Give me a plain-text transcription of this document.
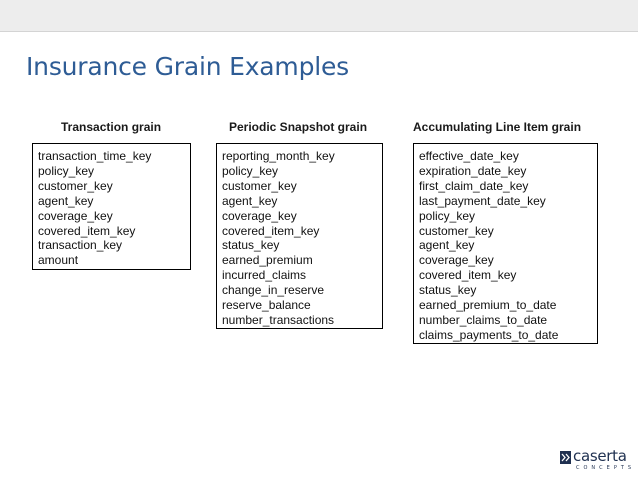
Insurance Grain Examples
Transaction grain
transaction_time_key
policy_key
customer_key
agent_key
coverage_key
covered_item_key
transaction_key
amount
Periodic Snapshot grain
reporting_month_key
policy_key
customer_key
agent_key
coverage_key
covered_item_key
status_key
earned_premium
incurred_claims
change_in_reserve
reserve_balance
number_transactions
Accumulating Line Item grain
effective_date_key
expiration_date_key
first_claim_date_key
last_payment_date_key
policy_key
customer_key
agent_key
coverage_key
covered_item_key
status_key
earned_premium_to_date
number_claims_to_date
claims_payments_to_date
caserta
CONCEPTS
